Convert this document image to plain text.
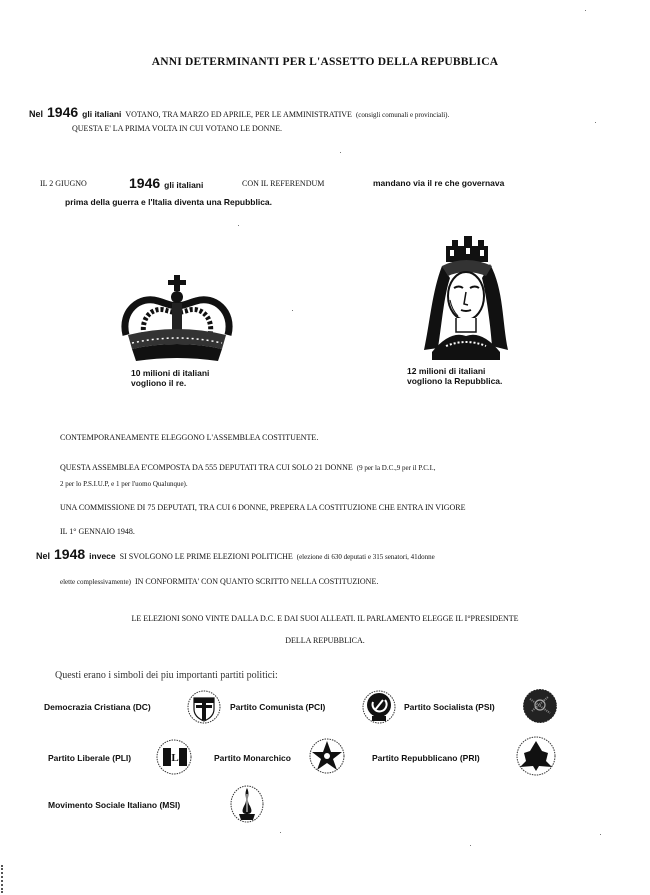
ANNI DETERMINANTI PER L'ASSETTO DELLA REPUBBLICA
Nel 1946 gli italiani VOTANO, TRA MARZO ED APRILE, PER LE AMMINISTRATIVE (consigli comunali e provinciali).
QUESTA E' LA PRIMA VOLTA IN CUI VOTANO LE DONNE.
IL 2 GIUGNO	1946 gli italiani	CON IL REFERENDUM	mandano via il re che governava
prima della guerra e l'Italia diventa una Repubblica.
10 milioni di italiani
vogliono il re.
12 milioni di italiani
vogliono la Repubblica.
CONTEMPORANEAMENTE ELEGGONO L'ASSEMBLEA COSTITUENTE.
QUESTA ASSEMBLEA E'COMPOSTA DA 555 DEPUTATI TRA CUI SOLO 21 DONNE (9 per la D.C.,9 per il P.C.I.,
2 per lo P.S.I.U.P, e 1 per l'uomo Qualunque).
UNA COMMISSIONE DI 75 DEPUTATI, TRA CUI 6 DONNE, PREPERA LA COSTITUZIONE CHE ENTRA IN VIGORE
IL 1° GENNAIO 1948.
Nel 1948 invece SI SVOLGONO LE PRIME ELEZIONI POLITICHE (elezione di 630 deputati e 315 senatori, 41donne
elette complessivamente) IN CONFORMITA' CON QUANTO SCRITTO NELLA COSTITUZIONE.
LE ELEZIONI SONO VINTE DALLA D.C. E DAI SUOI ALLEATI. IL PARLAMENTO ELEGGE IL I°PRESIDENTE
DELLA REPUBBLICA.
Questi erano i simboli dei piu importanti partiti politici:
Democrazia Cristiana (DC)	Partito Comunista (PCI)	Partito Socialista (PSI)
Partito Liberale (PLI)	L	Partito Monarchico	Partito Repubblicano (PRI)
Movimento Sociale Italiano (MSI)
